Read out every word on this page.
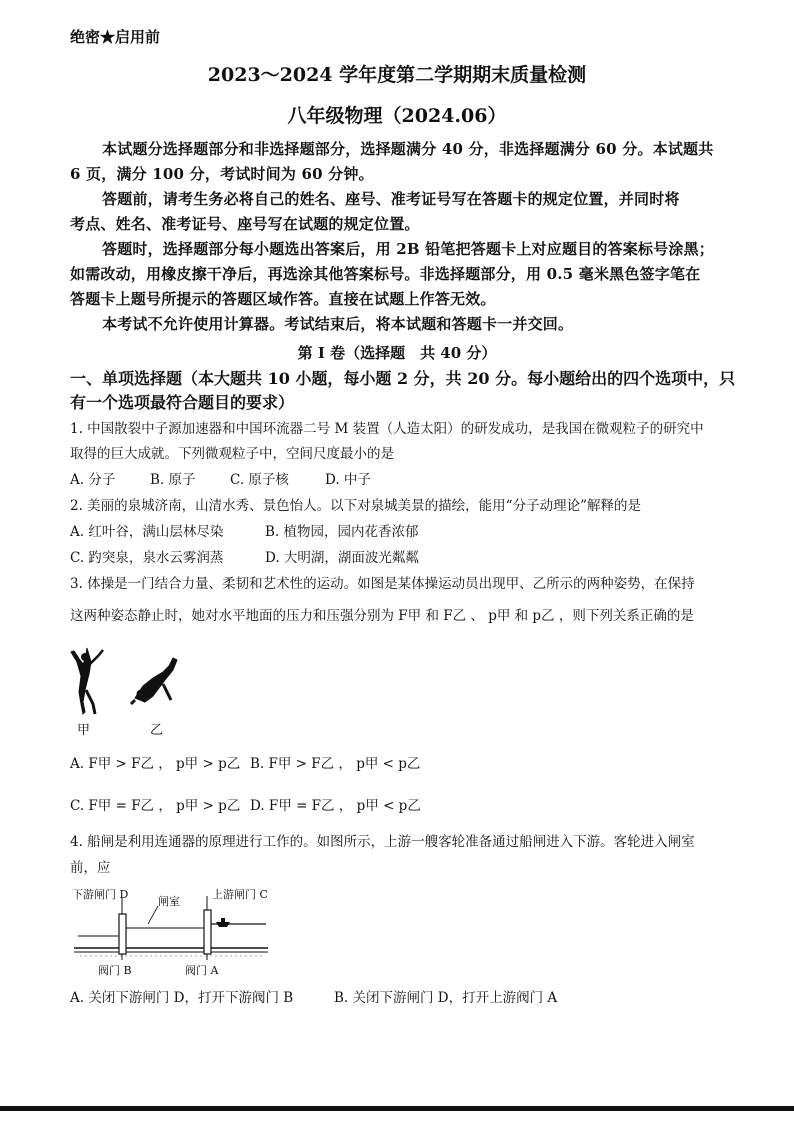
绝密★启用前
2023～2024 学年度第二学期期末质量检测
八年级物理（2024.06）
本试题分选择题部分和非选择题部分，选择题满分 40 分，非选择题满分 60 分。本试题共
6 页，满分 100 分，考试时间为 60 分钟。
答题前，请考生务必将自己的姓名、座号、准考证号写在答题卡的规定位置，并同时将
考点、姓名、准考证号、座号写在试题的规定位置。
答题时，选择题部分每小题选出答案后，用 2B 铅笔把答题卡上对应题目的答案标号涂黑；
如需改动，用橡皮擦干净后，再选涂其他答案标号。非选择题部分，用 0.5 毫米黑色签字笔在
答题卡上题号所提示的答题区域作答。直接在试题上作答无效。
本考试不允许使用计算器。考试结束后，将本试题和答题卡一并交回。
第 I 卷（选择题　共 40 分）
一、单项选择题（本大题共 10 小题，每小题 2 分，共 20 分。每小题给出的四个选项中，只
有一个选项最符合题目的要求）
1. 中国散裂中子源加速器和中国环流器二号 M 装置（人造太阳）的研发成功，是我国在微观粒子的研究中
取得的巨大成就。下列微观粒子中，空间尺度最小的是
A. 分子	B. 原子	C. 原子核	D. 中子
2. 美丽的泉城济南，山清水秀、景色怡人。以下对泉城美景的描绘，能用“分子动理论”解释的是
A. 红叶谷，满山层林尽染	B. 植物园，园内花香浓郁
C. 趵突泉，泉水云雾润蒸	D. 大明湖，湖面波光粼粼
3. 体操是一门结合力量、柔韧和艺术性的运动。如图是某体操运动员出现甲、乙所示的两种姿势，在保持
这两种姿态静止时，她对水平地面的压力和压强分别为 F甲 和 F乙 、 p甲 和 p乙 ，则下列关系正确的是
甲	乙
A. F甲 > F乙 ， p甲 > p乙 B. F甲 > F乙 ， p甲 < p乙
C. F甲 = F乙 ， p甲 > p乙 D. F甲 = F乙 ， p甲 < p乙
4. 船闸是利用连通器的原理进行工作的。如图所示，上游一艘客轮准备通过船闸进入下游。客轮进入闸室
前，应
下游闸门 D
闸室
上游闸门 C
阀门 B	阀门 A
A. 关闭下游闸门 D，打开下游阀门 B	B. 关闭下游闸门 D，打开上游阀门 A
